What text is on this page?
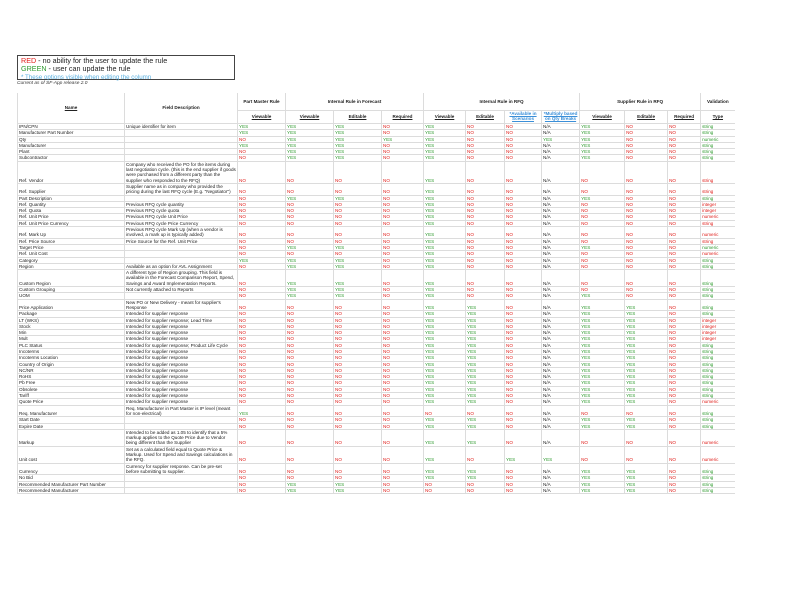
RED - no ability for the user to update the rule
GREEN - user can update the rule
* These options visible when editing the column
Current as of SF-App release 2.0
Name	Field Description	Part Master Rule	Internal Rule in Forecast			Internal Rule in RFQ				Supplier Rule in RFQ			Validation
		Viewable	Viewable	Editable	Required	Viewable	Editable	*Available in Scenarios	*Multiply based on Qty Breaks	Viewable	Editable	Required	Type
IPN/CPN	Unique identifier for item	YES	YES	YES	NO	YES	NO	NO	N/A	YES	NO	NO	string
Manufacturer Part Number		YES	YES	YES	NO	YES	NO	NO	N/A	YES	NO	NO	string
Qty		NO	YES	YES	YES	YES	NO	NO	YES	YES	NO	NO	numeric
Manufacturer		YES	YES	YES	NO	YES	NO	NO	N/A	YES	NO	NO	string
Plant		NO	YES	YES	NO	YES	NO	NO	N/A	YES	NO	NO	string
Subcontractor		NO	YES	YES	NO	YES	NO	NO	N/A	YES	NO	NO	string
Ref. Vendor	Company who received the PO for the items during last negotiation cycle. (this is the end supplier if goods were purchased from a different party than the supplier who responded to the RFQ)	NO	NO	NO	NO	YES	NO	NO	N/A	NO	NO	NO	string
Ref. Supplier	Supplier name as in company who provided the pricing during the last RFQ cycle (E.g. "Negotiator")	NO	NO	NO	NO	YES	NO	NO	N/A	NO	NO	NO	string
Part Description		NO	YES	YES	NO	YES	NO	NO	N/A	YES	NO	NO	string
Ref. Quantity	Previous RFQ cycle quantity	NO	NO	NO	NO	YES	NO	NO	N/A	NO	NO	NO	integer
Ref. Quota	Previous RFQ cycle quota	NO	NO	NO	NO	YES	NO	NO	N/A	NO	NO	NO	integer
Ref. Unit Price	Previous RFQ cycle Unit Price	NO	NO	NO	NO	YES	NO	NO	N/A	NO	NO	NO	numeric
Ref. Unit Price Currency	Previous RFQ cycle Price Currency	NO	NO	NO	NO	YES	NO	NO	N/A	NO	NO	NO	string
Ref. Mark Up	Previous RFQ cycle Mark Up (when a vendor is involved, a mark up is typically added)	NO	NO	NO	NO	YES	NO	NO	N/A	NO	NO	NO	numeric
Ref. Price Source	Price Source for the Ref. Unit Price	NO	NO	NO	NO	YES	NO	NO	N/A	NO	NO	NO	string
Target Price		NO	YES	YES	NO	YES	NO	NO	N/A	YES	NO	NO	numeric
Ref. Unit Cost		NO	NO	NO	NO	YES	NO	NO	N/A	NO	NO	NO	numeric
Category		YES	YES	YES	NO	YES	NO	NO	N/A	NO	NO	NO	string
Region	Available as an option for AVL Assignment	NO	YES	YES	NO	YES	NO	NO	N/A	NO	NO	NO	string
Custom Region	A different type of Region grouping. This field is available in the Forecast Comparison Report, Spend, Savings and Award Implementation Reports.	NO	YES	YES	NO	YES	NO	NO	N/A	NO	NO	NO	string
Custom Grouping	Not currently attached to Reports	NO	YES	YES	NO	YES	NO	NO	N/A	NO	NO	NO	string
UOM		NO	YES	YES	NO	YES	NO	NO	N/A	YES	NO	NO	string
Price Application	New PO or New Delivery - meant for supplier's Response	NO	NO	NO	NO	YES	YES	NO	N/A	YES	YES	NO	string
Package	Intended for supplier response	NO	NO	NO	NO	YES	YES	NO	N/A	YES	YES	NO	string
LT (WKS)	Intended for supplier response; Lead Time	NO	NO	NO	NO	YES	YES	NO	N/A	YES	YES	NO	integer
Stock	Intended for supplier response	NO	NO	NO	NO	YES	YES	NO	N/A	YES	YES	NO	integer
Min	Intended for supplier response	NO	NO	NO	NO	YES	YES	NO	N/A	YES	YES	NO	integer
Mult	Intended for supplier response	NO	NO	NO	NO	YES	YES	NO	N/A	YES	YES	NO	integer
PLC Status	Intended for supplier response; Product Life Cycle	NO	NO	NO	NO	YES	YES	NO	N/A	YES	YES	NO	string
Incoterms	Intended for supplier response	NO	NO	NO	NO	YES	YES	NO	N/A	YES	YES	NO	string
Incoterms Location	Intended for supplier response	NO	NO	NO	NO	YES	YES	NO	N/A	YES	YES	NO	string
Country of Origin	Intended for supplier response	NO	NO	NO	NO	YES	YES	NO	N/A	YES	YES	NO	string
NC/NR	Intended for supplier response	NO	NO	NO	NO	YES	YES	NO	N/A	YES	YES	NO	string
RoHS	Intended for supplier response	NO	NO	NO	NO	YES	YES	NO	N/A	YES	YES	NO	string
Pb Free	Intended for supplier response	NO	NO	NO	NO	YES	YES	NO	N/A	YES	YES	NO	string
Obsolete	Intended for supplier response	NO	NO	NO	NO	YES	YES	NO	N/A	YES	YES	NO	string
Tariff	Intended for supplier response	NO	NO	NO	NO	YES	YES	NO	N/A	YES	YES	NO	string
Quote Price	Intended for supplier response	NO	NO	NO	NO	YES	YES	NO	N/A	YES	YES	NO	numeric
Req. Manufacturer	Req. Manufacturer in Part Master is IP level (meant for non-electrical)	YES	NO	NO	NO	NO	NO	NO	N/A	NO	NO	NO	string
Start Date		NO	NO	NO	NO	YES	YES	NO	N/A	YES	YES	NO	string
Expire Date		NO	NO	NO	NO	YES	YES	NO	N/A	YES	YES	NO	string
Markup	Intended to be added as 1.05 to identify that a 5% markup applies to the Quote Price due to Vendor being different than the Supplier	NO	NO	NO	NO	YES	YES	NO	N/A	NO	NO	NO	numeric
Unit cost	Set as a calculated field equal to Quote Price & Markup. Used for Spend and Savings calculations in the RFQ.	NO	NO	NO	NO	YES	NO	YES	YES	NO	NO	NO	numeric
Currency	Currency for supplier response. Can be pre-set before submitting to supplier.	NO	NO	NO	NO	YES	YES	NO	N/A	YES	YES	NO	string
No Bid		NO	NO	NO	NO	YES	YES	NO	N/A	YES	YES	NO	string
Recommended Manufacturer Part Number		NO	YES	YES	NO	NO	NO	NO	N/A	YES	YES	NO	string
Recommended Manufacturer		NO	YES	YES	NO	NO	NO	NO	N/A	YES	YES	NO	string
